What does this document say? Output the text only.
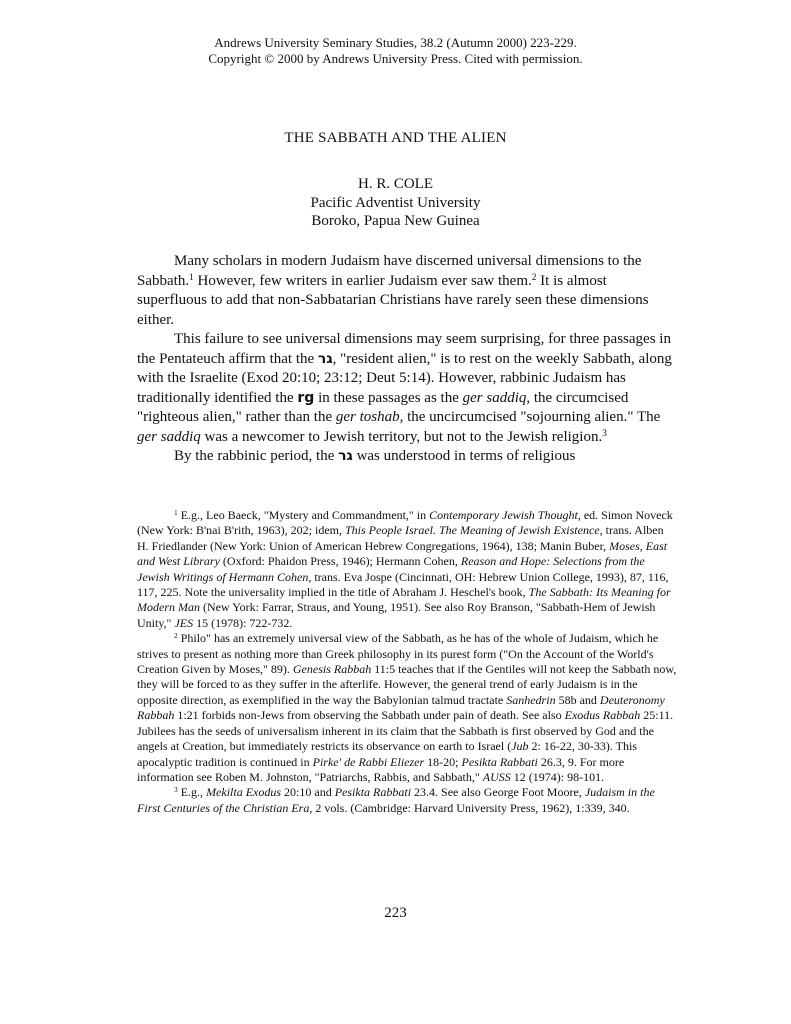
Andrews University Seminary Studies, 38.2 (Autumn 2000) 223-229.
Copyright © 2000 by Andrews University Press. Cited with permission.
THE SABBATH AND THE ALIEN
H. R. COLE
Pacific Adventist University
Boroko, Papua New Guinea

Many scholars in modern Judaism have discerned universal dimensions to the Sabbath.$^1$ However, few writers in earlier Judaism ever saw them.$^2$ It is almost superfluous to add that non-Sabbatarian Christians have rarely seen these dimensions either.

This failure to see universal dimensions may seem surprising, for three passages in the Pentateuch affirm that the גר, "resident alien," is to rest on the weekly Sabbath, along with the Israelite (Exod 20:10; 23:12; Deut 5:14). However, rabbinic Judaism has traditionally identified the rg in these passages as the ger saddiq, the circumcised "righteous alien," rather than the ger toshab, the uncircumcised "sojourning alien." The ger saddiq was a newcomer to Jewish territory, but not to the Jewish religion.$^3$

By the rabbinic period, the גר was understood in terms of religious

$^1$ E.g., Leo Baeck, "Mystery and Commandment," in Contemporary Jewish Thought, ed. Simon Noveck (New York: B'nai B'rith, 1963), 202; idem, This People Israel. The Meaning of Jewish Existence, trans. Alben H. Friedlander (New York: Union of American Hebrew Congregations, 1964), 138; Manin Buber, Moses, East and West Library (Oxford: Phaidon Press, 1946); Hermann Cohen, Reason and Hope: Selections from the Jewish Writings of Hermann Cohen, trans. Eva Jospe (Cincinnati, OH: Hebrew Union College, 1993), 87, 116, 117, 225. Note the universality implied in the title of Abraham J. Heschel's book, The Sabbath: Its Meaning for Modern Man (New York: Farrar, Straus, and Young, 1951). See also Roy Branson, "Sabbath-Hem of Jewish Unity," JES 15 (1978): 722-732.

$^2$ Philo" has an extremely universal view of the Sabbath, as he has of the whole of Judaism, which he strives to present as nothing more than Greek philosophy in its purest form ("On the Account of the World's Creation Given by Moses," 89). Genesis Rabbah 11:5 teaches that if the Gentiles will not keep the Sabbath now, they will be forced to as they suffer in the afterlife. However, the general trend of early Judaism is in the opposite direction, as exemplified in the way the Babylonian talmud tractate Sanhedrin 58b and Deuteronomy Rabbah 1:21 forbids non-Jews from observing the Sabbath under pain of death. See also Exodus Rabbah 25:11. Jubilees has the seeds of universalism inherent in its claim that the Sabbath is first observed by God and the angels at Creation, but immediately restricts its observance on earth to Israel (Jub 2: 16-22, 30-33). This apocalyptic tradition is continued in Pirke' de Rabbi Eliezer 18-20; Pesikta Rabbati 26.3, 9. For more information see Roben M. Johnston, "Patriarchs, Rabbis, and Sabbath," AUSS 12 (1974): 98-101.

$^3$ E.g., Mekilta Exodus 20:10 and Pesikta Rabbati 23.4. See also George Foot Moore, Judaism in the First Centuries of the Christian Era, 2 vols. (Cambridge: Harvard University Press, 1962), 1:339, 340.

223
